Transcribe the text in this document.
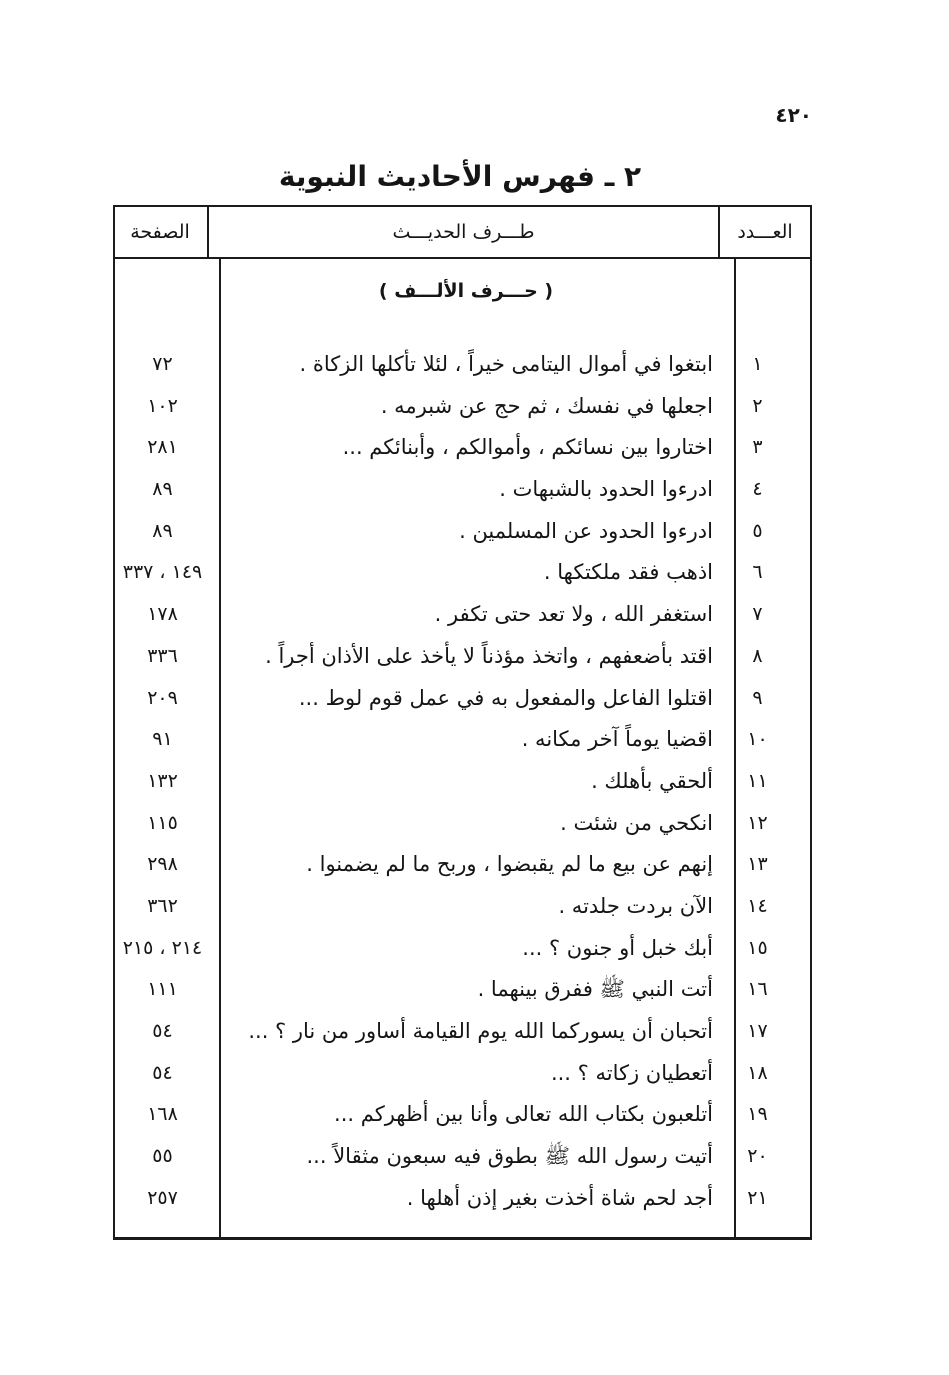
٤٢٠
٢ ـ فهرس الأحاديث النبوية
الصفحة	طـــرف الحديـــث	العـــدد
( حـــرف الألـــف )
٧٢	ابتغوا في أموال اليتامى خيراً ، لئلا تأكلها الزكاة .	١
١٠٢	اجعلها في نفسك ، ثم حج عن شبرمه .	٢
٢٨١	اختاروا بين نسائكم ، وأموالكم ، وأبنائكم ...	٣
٨٩	ادرءوا الحدود بالشبهات .	٤
٨٩	ادرءوا الحدود عن المسلمين .	٥
١٤٩ ، ٣٣٧	اذهب فقد ملكتكها .	٦
١٧٨	استغفر الله ، ولا تعد حتى تكفر .	٧
٣٣٦	اقتد بأضعفهم ، واتخذ مؤذناً لا يأخذ على الأذان أجراً .	٨
٢٠٩	اقتلوا الفاعل والمفعول به في عمل قوم لوط ...	٩
٩١	اقضيا يوماً آخر مكانه .	١٠
١٣٢	ألحقي بأهلك .	١١
١١٥	انكحي من شئت .	١٢
٢٩٨	إنهم عن بيع ما لم يقبضوا ، وربح ما لم يضمنوا .	١٣
٣٦٢	الآن بردت جلدته .	١٤
٢١٤ ، ٢١٥	أبك خبل أو جنون ؟ ...	١٥
١١١	أتت النبي ﷺ ففرق بينهما .	١٦
٥٤	أتحبان أن يسوركما الله يوم القيامة أساور من نار ؟ ...	١٧
٥٤	أتعطيان زكاته ؟ ...	١٨
١٦٨	أتلعبون بكتاب الله تعالى وأنا بين أظهركم ...	١٩
٥٥	أتيت رسول الله ﷺ بطوق فيه سبعون مثقالاً ...	٢٠
٢٥٧	أجد لحم شاة أخذت بغير إذن أهلها .	٢١
